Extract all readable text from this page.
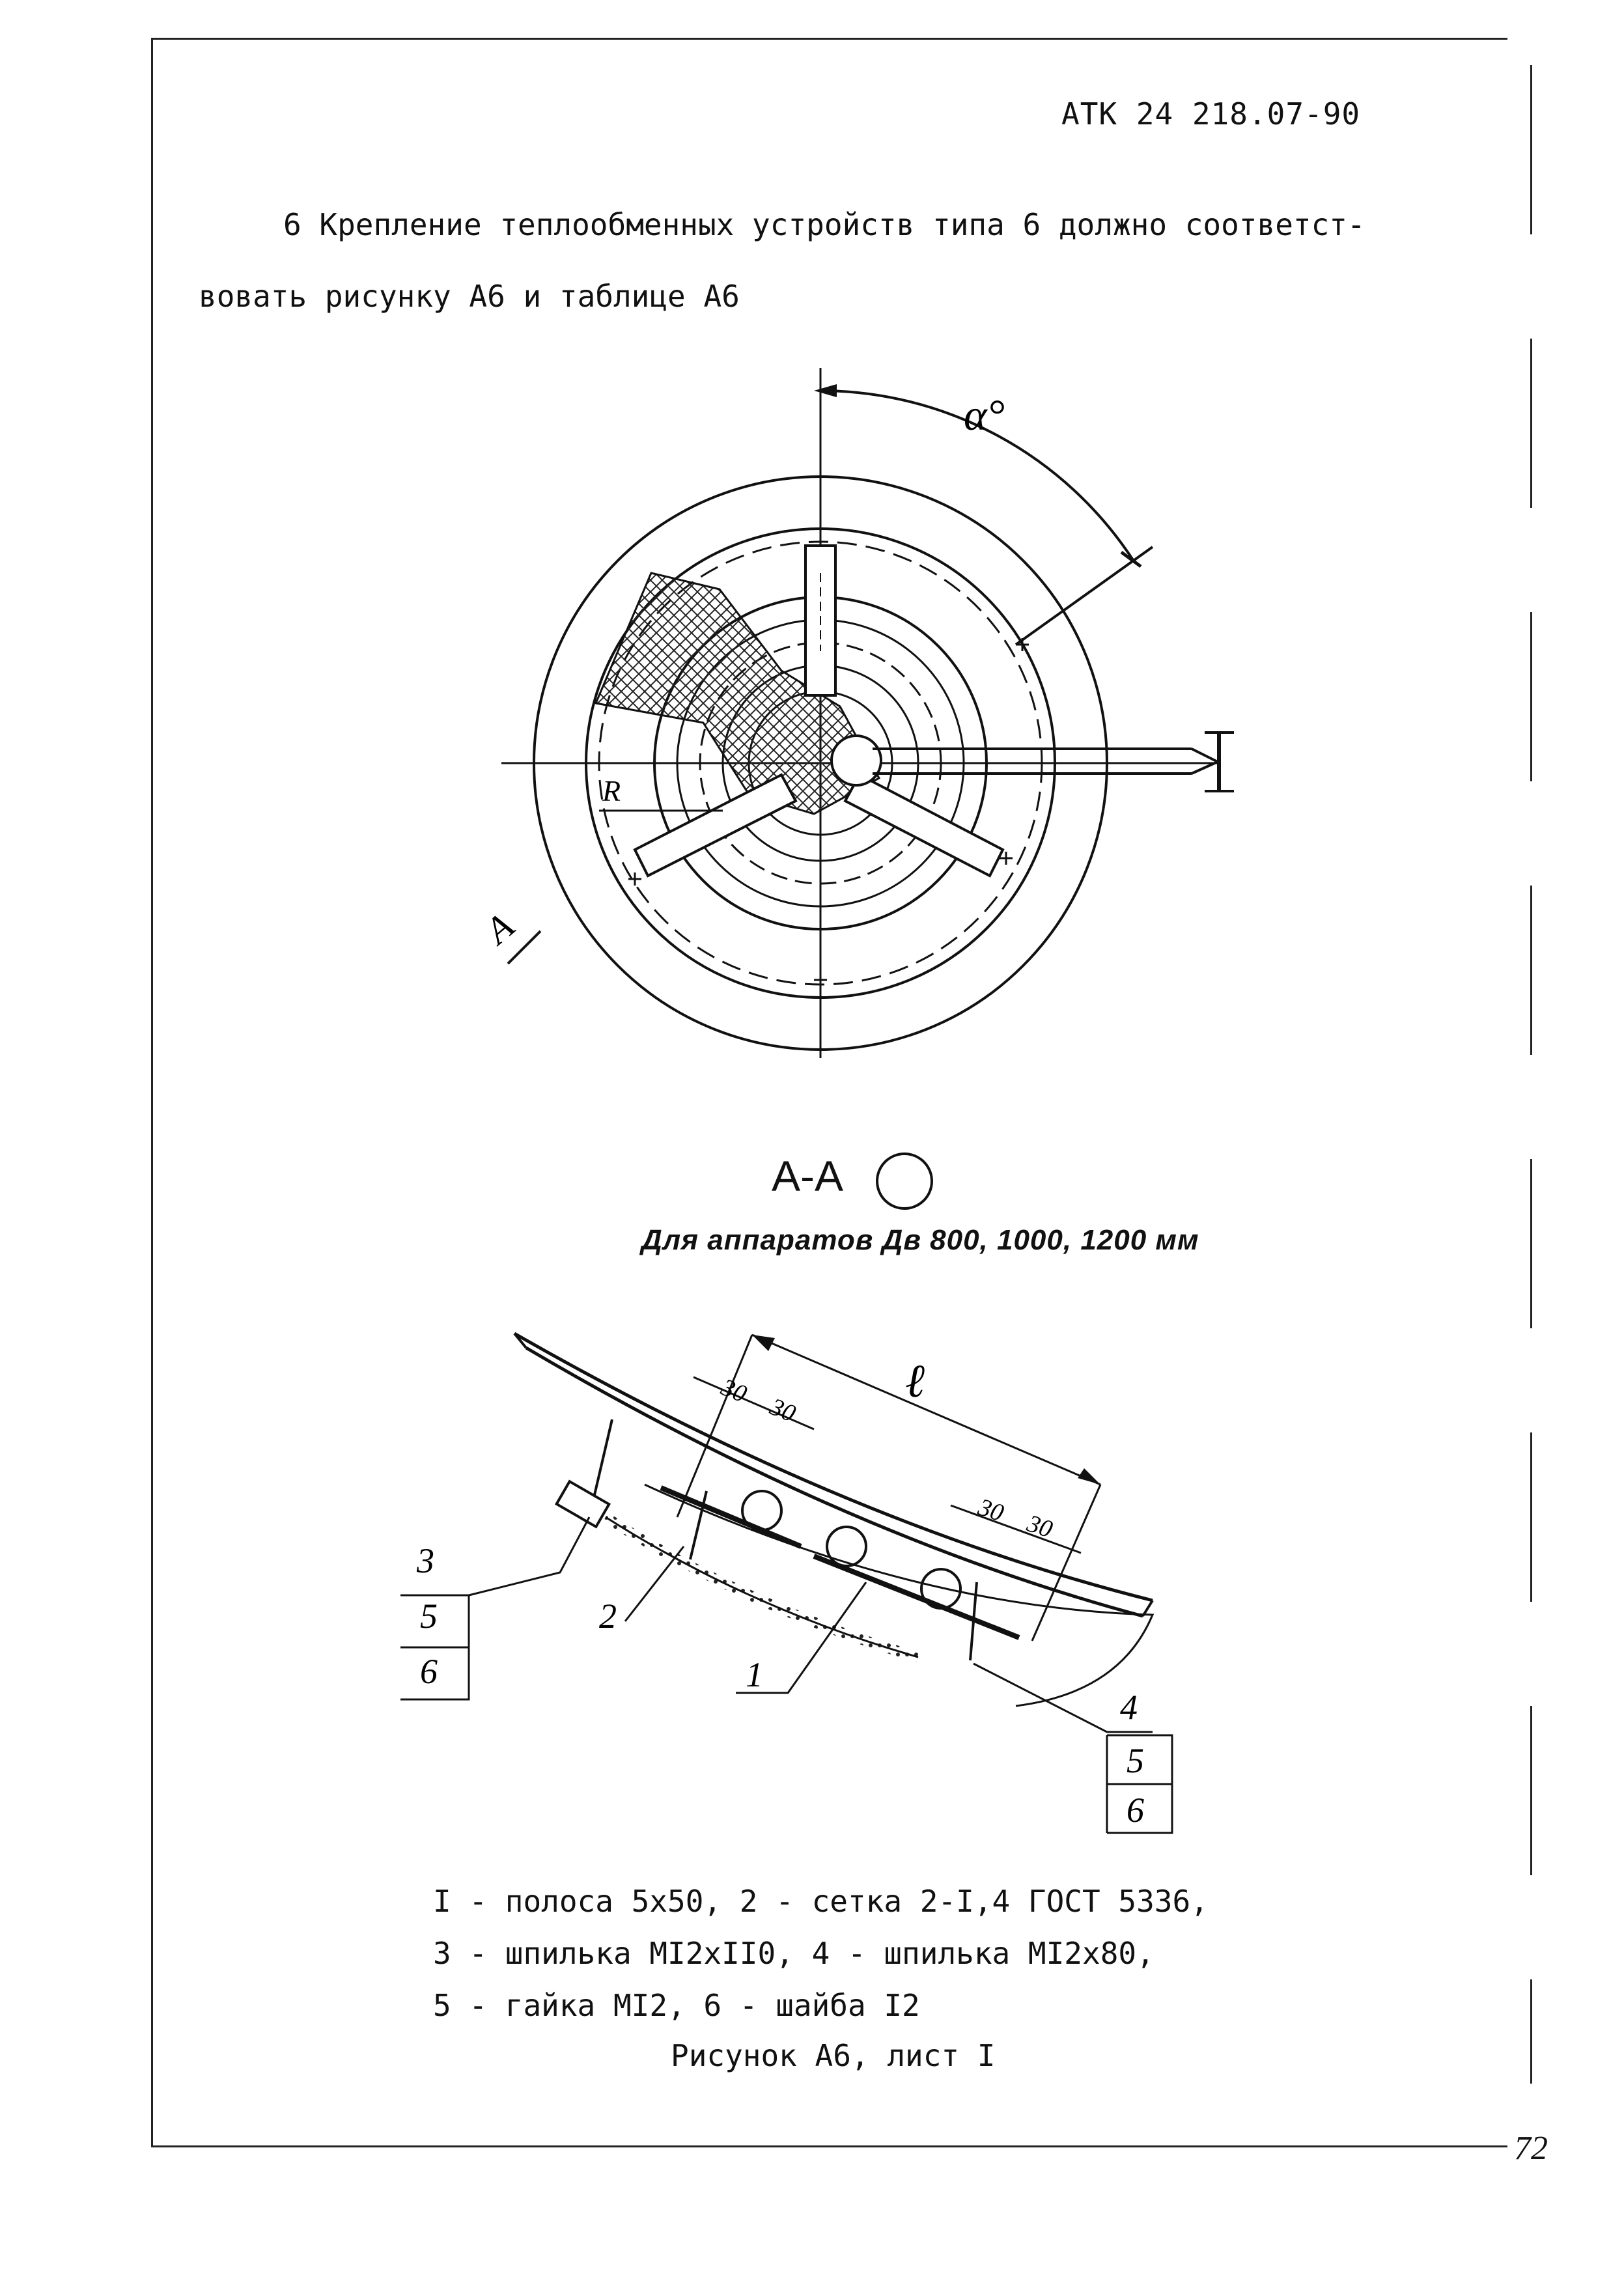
АТК 24 218.07-90
6 Крепление теплообменных устройств типа 6 должно соответст-
вовать рисунку А6 и таблице А6
α°
R
А
ℓ
30
30
30 30
3
5
6
2
1
4
5
6
А-А
Для аппаратов Дв 800, 1000, 1200 мм
I - полоса 5х50, 2 - сетка 2-I,4 ГОСТ 5336,
3 - шпилька MI2хII0, 4 - шпилька MI2х80,
5 - гайка MI2, 6 - шайба I2
Рисунок А6, лист I
72
